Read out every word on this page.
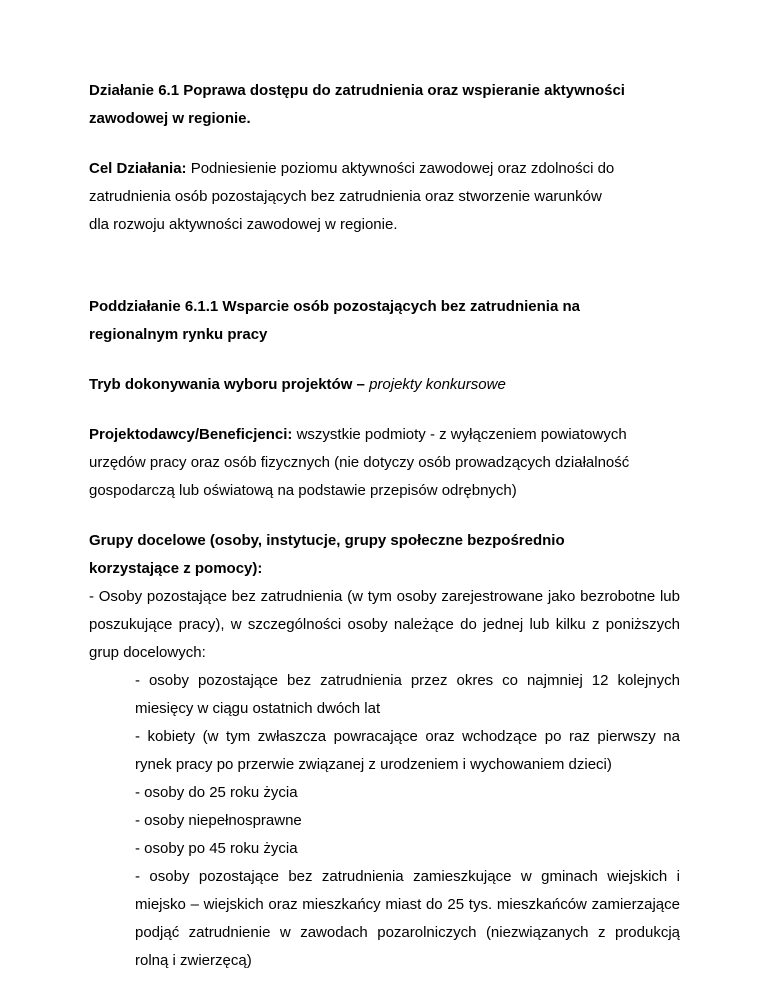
Działanie 6.1 Poprawa dostępu do zatrudnienia oraz wspieranie aktywności

zawodowej w regionie.

Cel Działania: Podniesienie poziomu aktywności zawodowej oraz zdolności do

zatrudnienia osób pozostających bez zatrudnienia oraz stworzenie warunków

dla rozwoju aktywności zawodowej w regionie.

Poddziałanie 6.1.1 Wsparcie osób pozostających bez zatrudnienia na

regionalnym rynku pracy

Tryb dokonywania wyboru projektów – projekty konkursowe

Projektodawcy/Beneficjenci: wszystkie podmioty - z wyłączeniem powiatowych

urzędów pracy oraz osób fizycznych (nie dotyczy osób prowadzących działalność

gospodarczą lub oświatową na podstawie przepisów odrębnych)

Grupy docelowe (osoby, instytucje, grupy społeczne bezpośrednio

korzystające z pomocy):

- Osoby pozostające bez zatrudnienia (w tym osoby zarejestrowane jako bezrobotne lub poszukujące pracy), w szczególności osoby należące do jednej lub kilku z poniższych grup docelowych:

- osoby pozostające bez zatrudnienia przez okres co najmniej 12 kolejnych miesięcy w ciągu ostatnich dwóch lat

- kobiety (w tym zwłaszcza powracające oraz wchodzące po raz pierwszy na rynek pracy po przerwie związanej z urodzeniem i wychowaniem dzieci)

- osoby do 25 roku życia

- osoby niepełnosprawne

- osoby po 45 roku życia

- osoby pozostające bez zatrudnienia zamieszkujące w gminach wiejskich i miejsko – wiejskich oraz mieszkańcy miast do 25 tys. mieszkańców zamierzające podjąć zatrudnienie w zawodach pozarolniczych (niezwiązanych z produkcją rolną i zwierzęcą)
